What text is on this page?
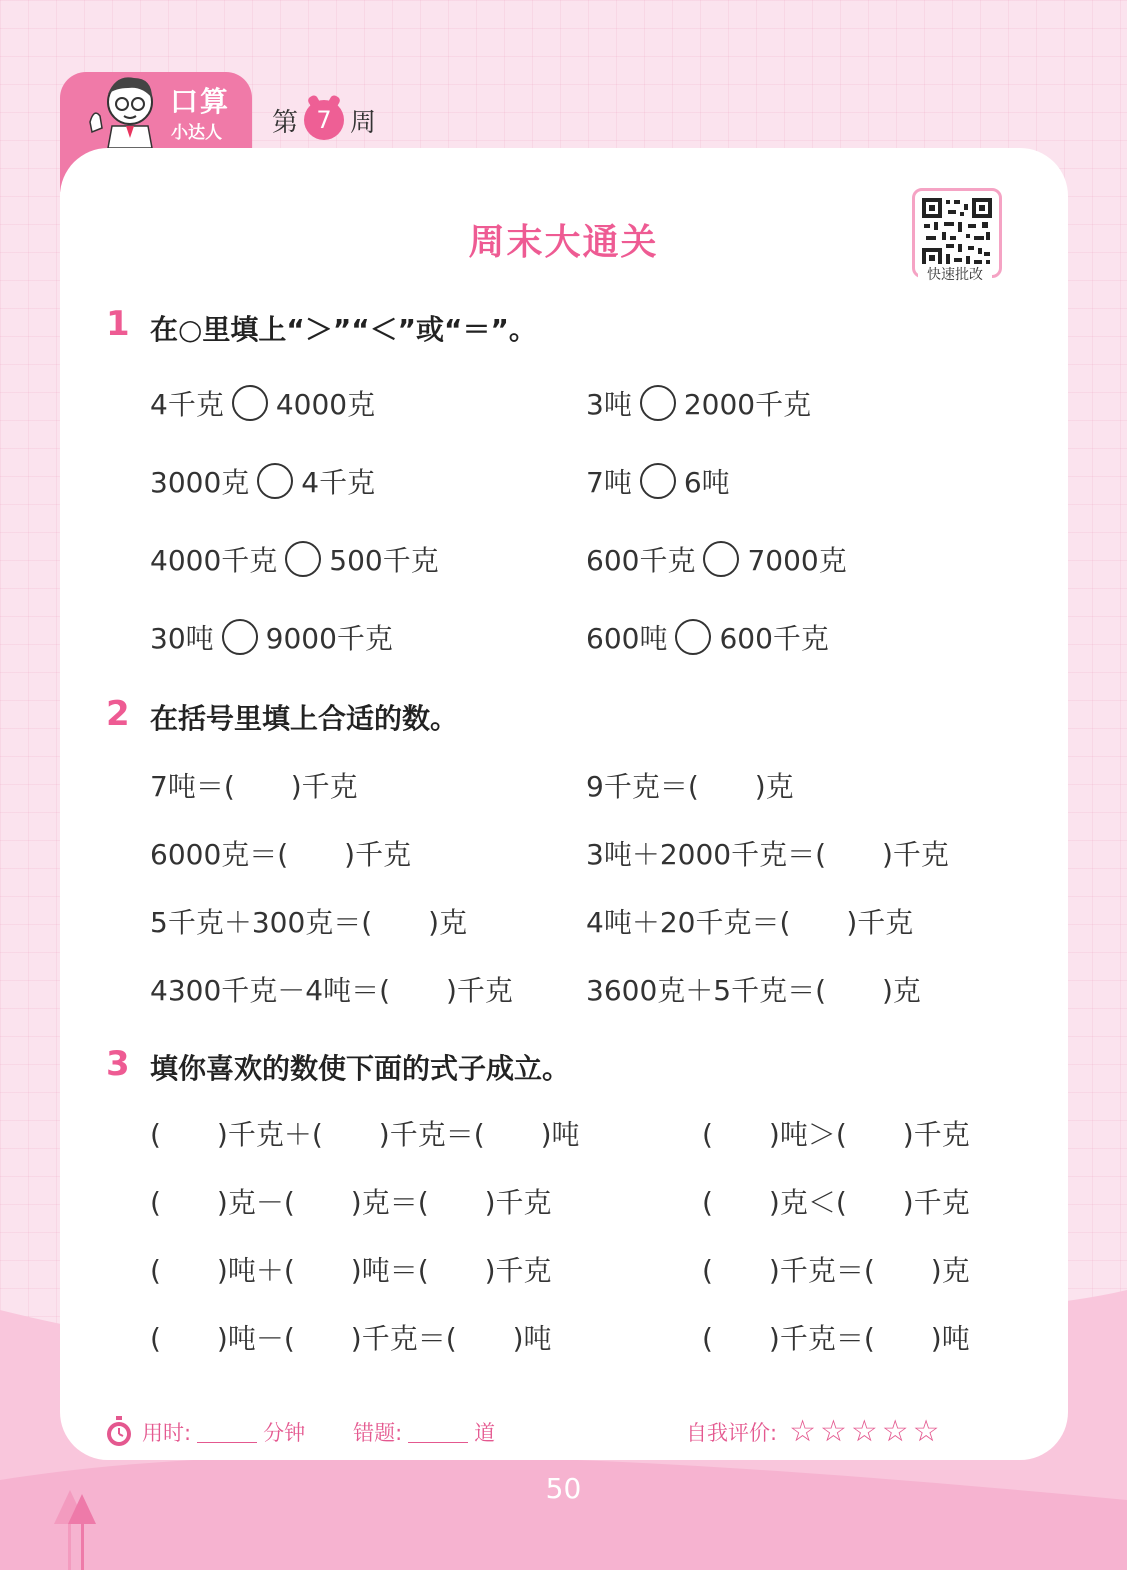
口算
小达人 第 7 周
周末大通关
快速批改
1 在○里填上“＞”“＜”或“＝”。
4千克 4000克	3吨 2000千克
3000克 4千克	7吨 6吨
4000千克 500千克	600千克 7000克
30吨 9000千克	600吨 600千克
2 在括号里填上合适的数。
7吨＝(　　)千克	9千克＝(　　)克
6000克＝(　　)千克	3吨＋2000千克＝(　　)千克
5千克＋300克＝(　　)克	4吨＋20千克＝(　　)千克
4300千克－4吨＝(　　)千克	3600克＋5千克＝(　　)克
3 填你喜欢的数使下面的式子成立。
(　　)千克＋(　　)千克＝(　　)吨	(　　)吨＞(　　)千克
(　　)克－(　　)克＝(　　)千克	(　　)克＜(　　)千克
(　　)吨＋(　　)吨＝(　　)千克	(　　)千克＝(　　)克
(　　)吨－(　　)千克＝(　　)吨	(　　)千克＝(　　)吨
用时:	分钟 错题:	道	自我评价: ☆☆☆☆☆
50
